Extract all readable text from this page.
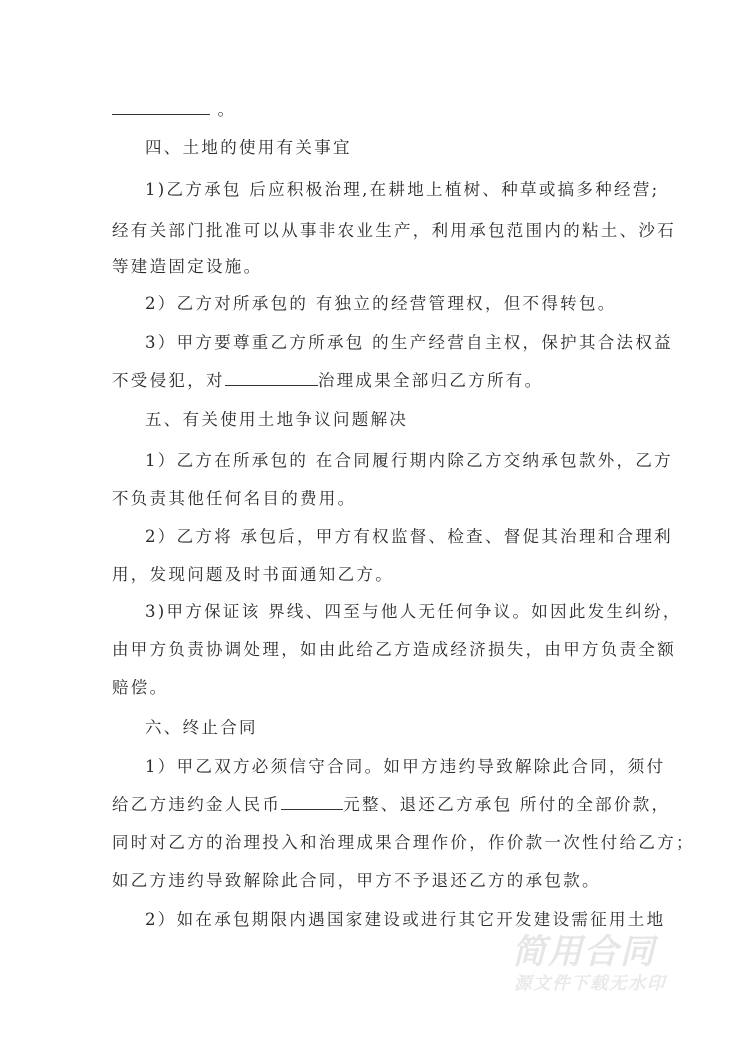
。
四、土地的使用有关事宜
1)乙方承包 后应积极治理,在耕地上植树、种草或搞多种经营;
经有关部门批准可以从事非农业生产，利用承包范围内的粘土、沙石
等建造固定设施。
2）乙方对所承包的 有独立的经营管理权，但不得转包。
3）甲方要尊重乙方所承包 的生产经营自主权，保护其合法权益
不受侵犯，对	治理成果全部归乙方所有。
五、有关使用土地争议问题解决
1）乙方在所承包的 在合同履行期内除乙方交纳承包款外，乙方
不负责其他任何名目的费用。
2）乙方将 承包后，甲方有权监督、检查、督促其治理和合理利
用，发现问题及时书面通知乙方。
3)甲方保证该 界线、四至与他人无任何争议。如因此发生纠纷，
由甲方负责协调处理，如由此给乙方造成经济损失，由甲方负责全额
赔偿。
六、终止合同
1）甲乙双方必须信守合同。如甲方违约导致解除此合同，须付
给乙方违约金人民币	元整、退还乙方承包 所付的全部价款，
同时对乙方的治理投入和治理成果合理作价，作价款一次性付给乙方；
如乙方违约导致解除此合同，甲方不予退还乙方的承包款。
2）如在承包期限内遇国家建设或进行其它开发建设需征用土地
简用合同
源文件下载无水印
